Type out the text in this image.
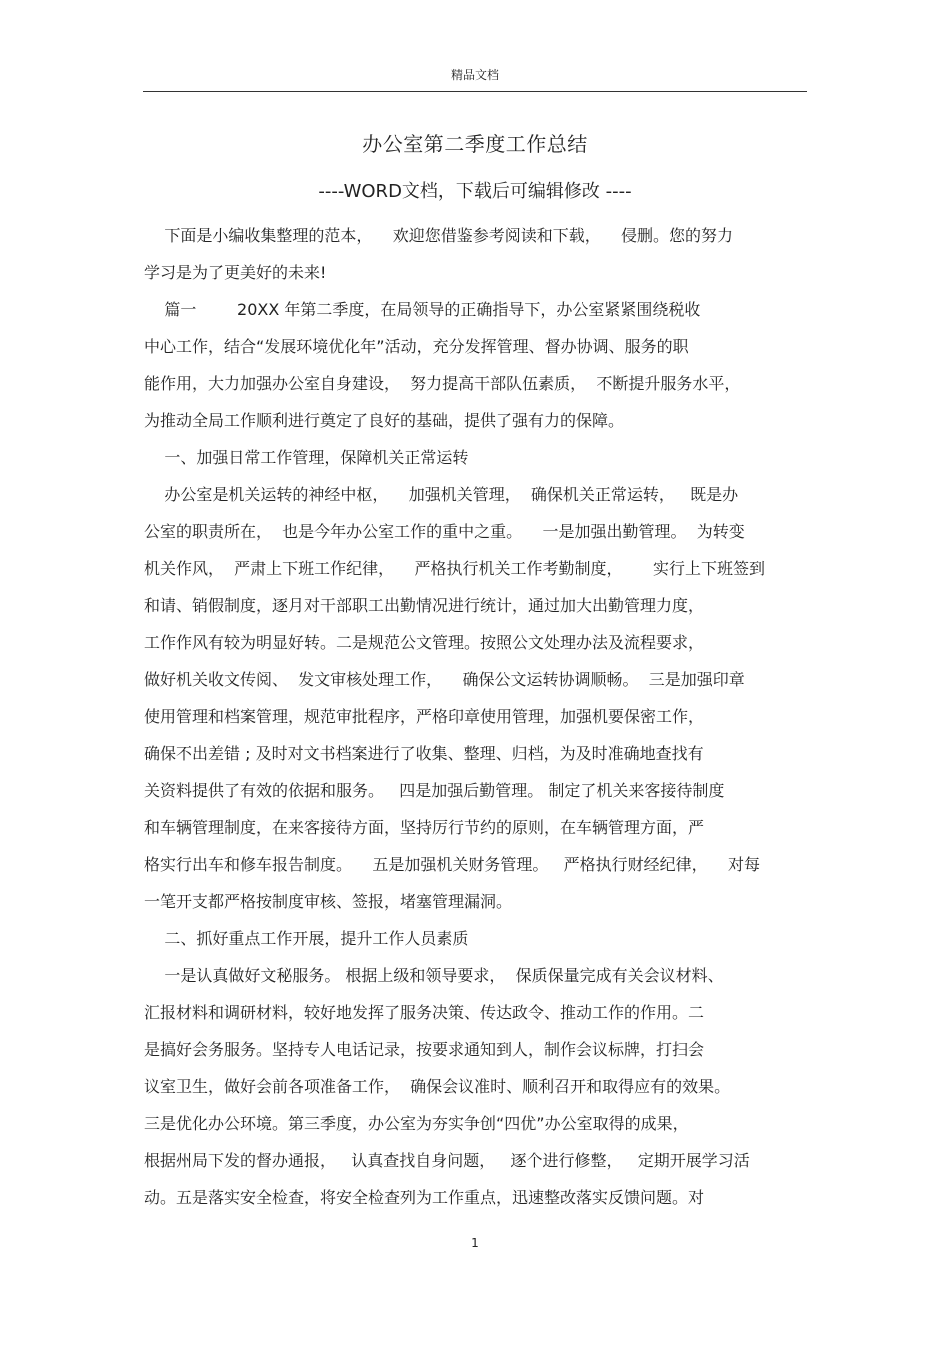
精品文档
办公室第二季度工作总结
----WORD文档，下载后可编辑修改 ----
下面是小编收集整理的范本，    欢迎您借鉴参考阅读和下载，    侵删。您的努力
学习是为了更美好的未来!
篇一        20XX 年第二季度，在局领导的正确指导下，办公室紧紧围绕税收
中心工作，结合“发展环境优化年”活动，充分发挥管理、督办协调、服务的职
能作用，大力加强办公室自身建设，  努力提高干部队伍素质，  不断提升服务水平，
为推动全局工作顺利进行奠定了良好的基础，提供了强有力的保障。
一、加强日常工作管理，保障机关正常运转
办公室是机关运转的神经中枢，    加强机关管理，  确保机关正常运转，   既是办
公室的职责所在，  也是今年办公室工作的重中之重。    一是加强出勤管理。  为转变
机关作风，  严肃上下班工作纪律，    严格执行机关工作考勤制度，      实行上下班签到
和请、销假制度，逐月对干部职工出勤情况进行统计，通过加大出勤管理力度，
工作作风有较为明显好转。二是规范公文管理。按照公文处理办法及流程要求，
做好机关收文传阅、  发文审核处理工作，    确保公文运转协调顺畅。  三是加强印章
使用管理和档案管理，规范审批程序，严格印章使用管理，加强机要保密工作，
确保不出差错 ; 及时对文书档案进行了收集、整理、归档，为及时准确地查找有
关资料提供了有效的依据和服务。   四是加强后勤管理。 制定了机关来客接待制度
和车辆管理制度，在来客接待方面，坚持厉行节约的原则，在车辆管理方面，严
格实行出车和修车报告制度。    五是加强机关财务管理。   严格执行财经纪律，    对每
一笔开支都严格按制度审核、签报，堵塞管理漏洞。
二、抓好重点工作开展，提升工作人员素质
一是认真做好文秘服务。 根据上级和领导要求，  保质保量完成有关会议材料、
汇报材料和调研材料，较好地发挥了服务决策、传达政令、推动工作的作用。二
是搞好会务服务。坚持专人电话记录，按要求通知到人，制作会议标牌，打扫会
议室卫生，做好会前各项准备工作，  确保会议准时、顺利召开和取得应有的效果。
三是优化办公环境。第三季度，办公室为夯实争创“四优”办公室取得的成果，
根据州局下发的督办通报，   认真查找自身问题，   逐个进行修整，   定期开展学习活
动。五是落实安全检查，将安全检查列为工作重点，迅速整改落实反馈问题。对
1
